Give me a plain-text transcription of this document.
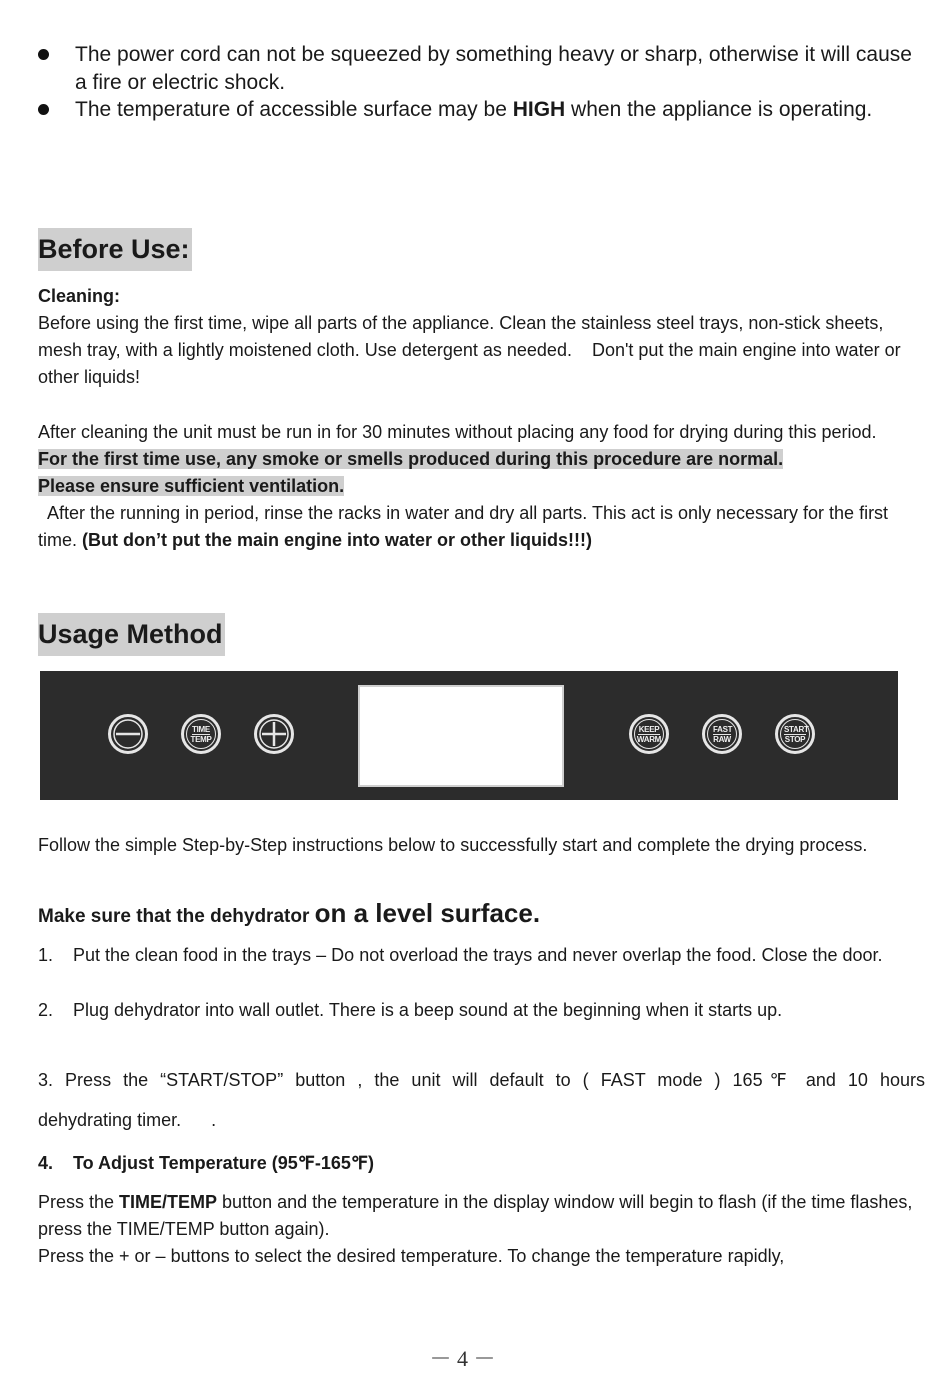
The power cord can not be squeezed by something heavy or sharp, otherwise it will cause
a fire or electric shock.
The temperature of accessible surface may be HIGH when the appliance is operating.
Before Use:
Cleaning:
Before using the first time, wipe all parts of the appliance. Clean the stainless steel trays, non-stick sheets,
mesh tray, with a lightly moistened cloth. Use detergent as needed.    Don't put the main engine into water or
other liquids!
After cleaning the unit must be run in for 30 minutes without placing any food for drying during this period.
For the first time use, any smoke or smells produced during this procedure are normal.
Please ensure sufficient ventilation.
After the running in period, rinse the racks in water and dry all parts. This act is only necessary for the first
time. (But don’t put the main engine into water or other liquids!!!)
Usage Method
TIME
TEMP
KEEP
WARM
FAST
RAW
START
STOP
Follow the simple Step-by-Step instructions below to successfully start and complete the drying process.
Make sure that the dehydrator on a level surface.
1.    Put the clean food in the trays – Do not overload the trays and never overlap the food. Close the door.
2.    Plug dehydrator into wall outlet. There is a beep sound at the beginning when it starts up.
3. Press the “START/STOP” button , the unit will default to ( FAST mode ) 165℉ and 10 hours
dehydrating timer.      .
4.    To Adjust Temperature (95℉-165℉)
Press the TIME/TEMP button and the temperature in the display window will begin to flash (if the time flashes,
press the TIME/TEMP button again).
Press the + or – buttons to select the desired temperature. To change the temperature rapidly,
－ 4 －
